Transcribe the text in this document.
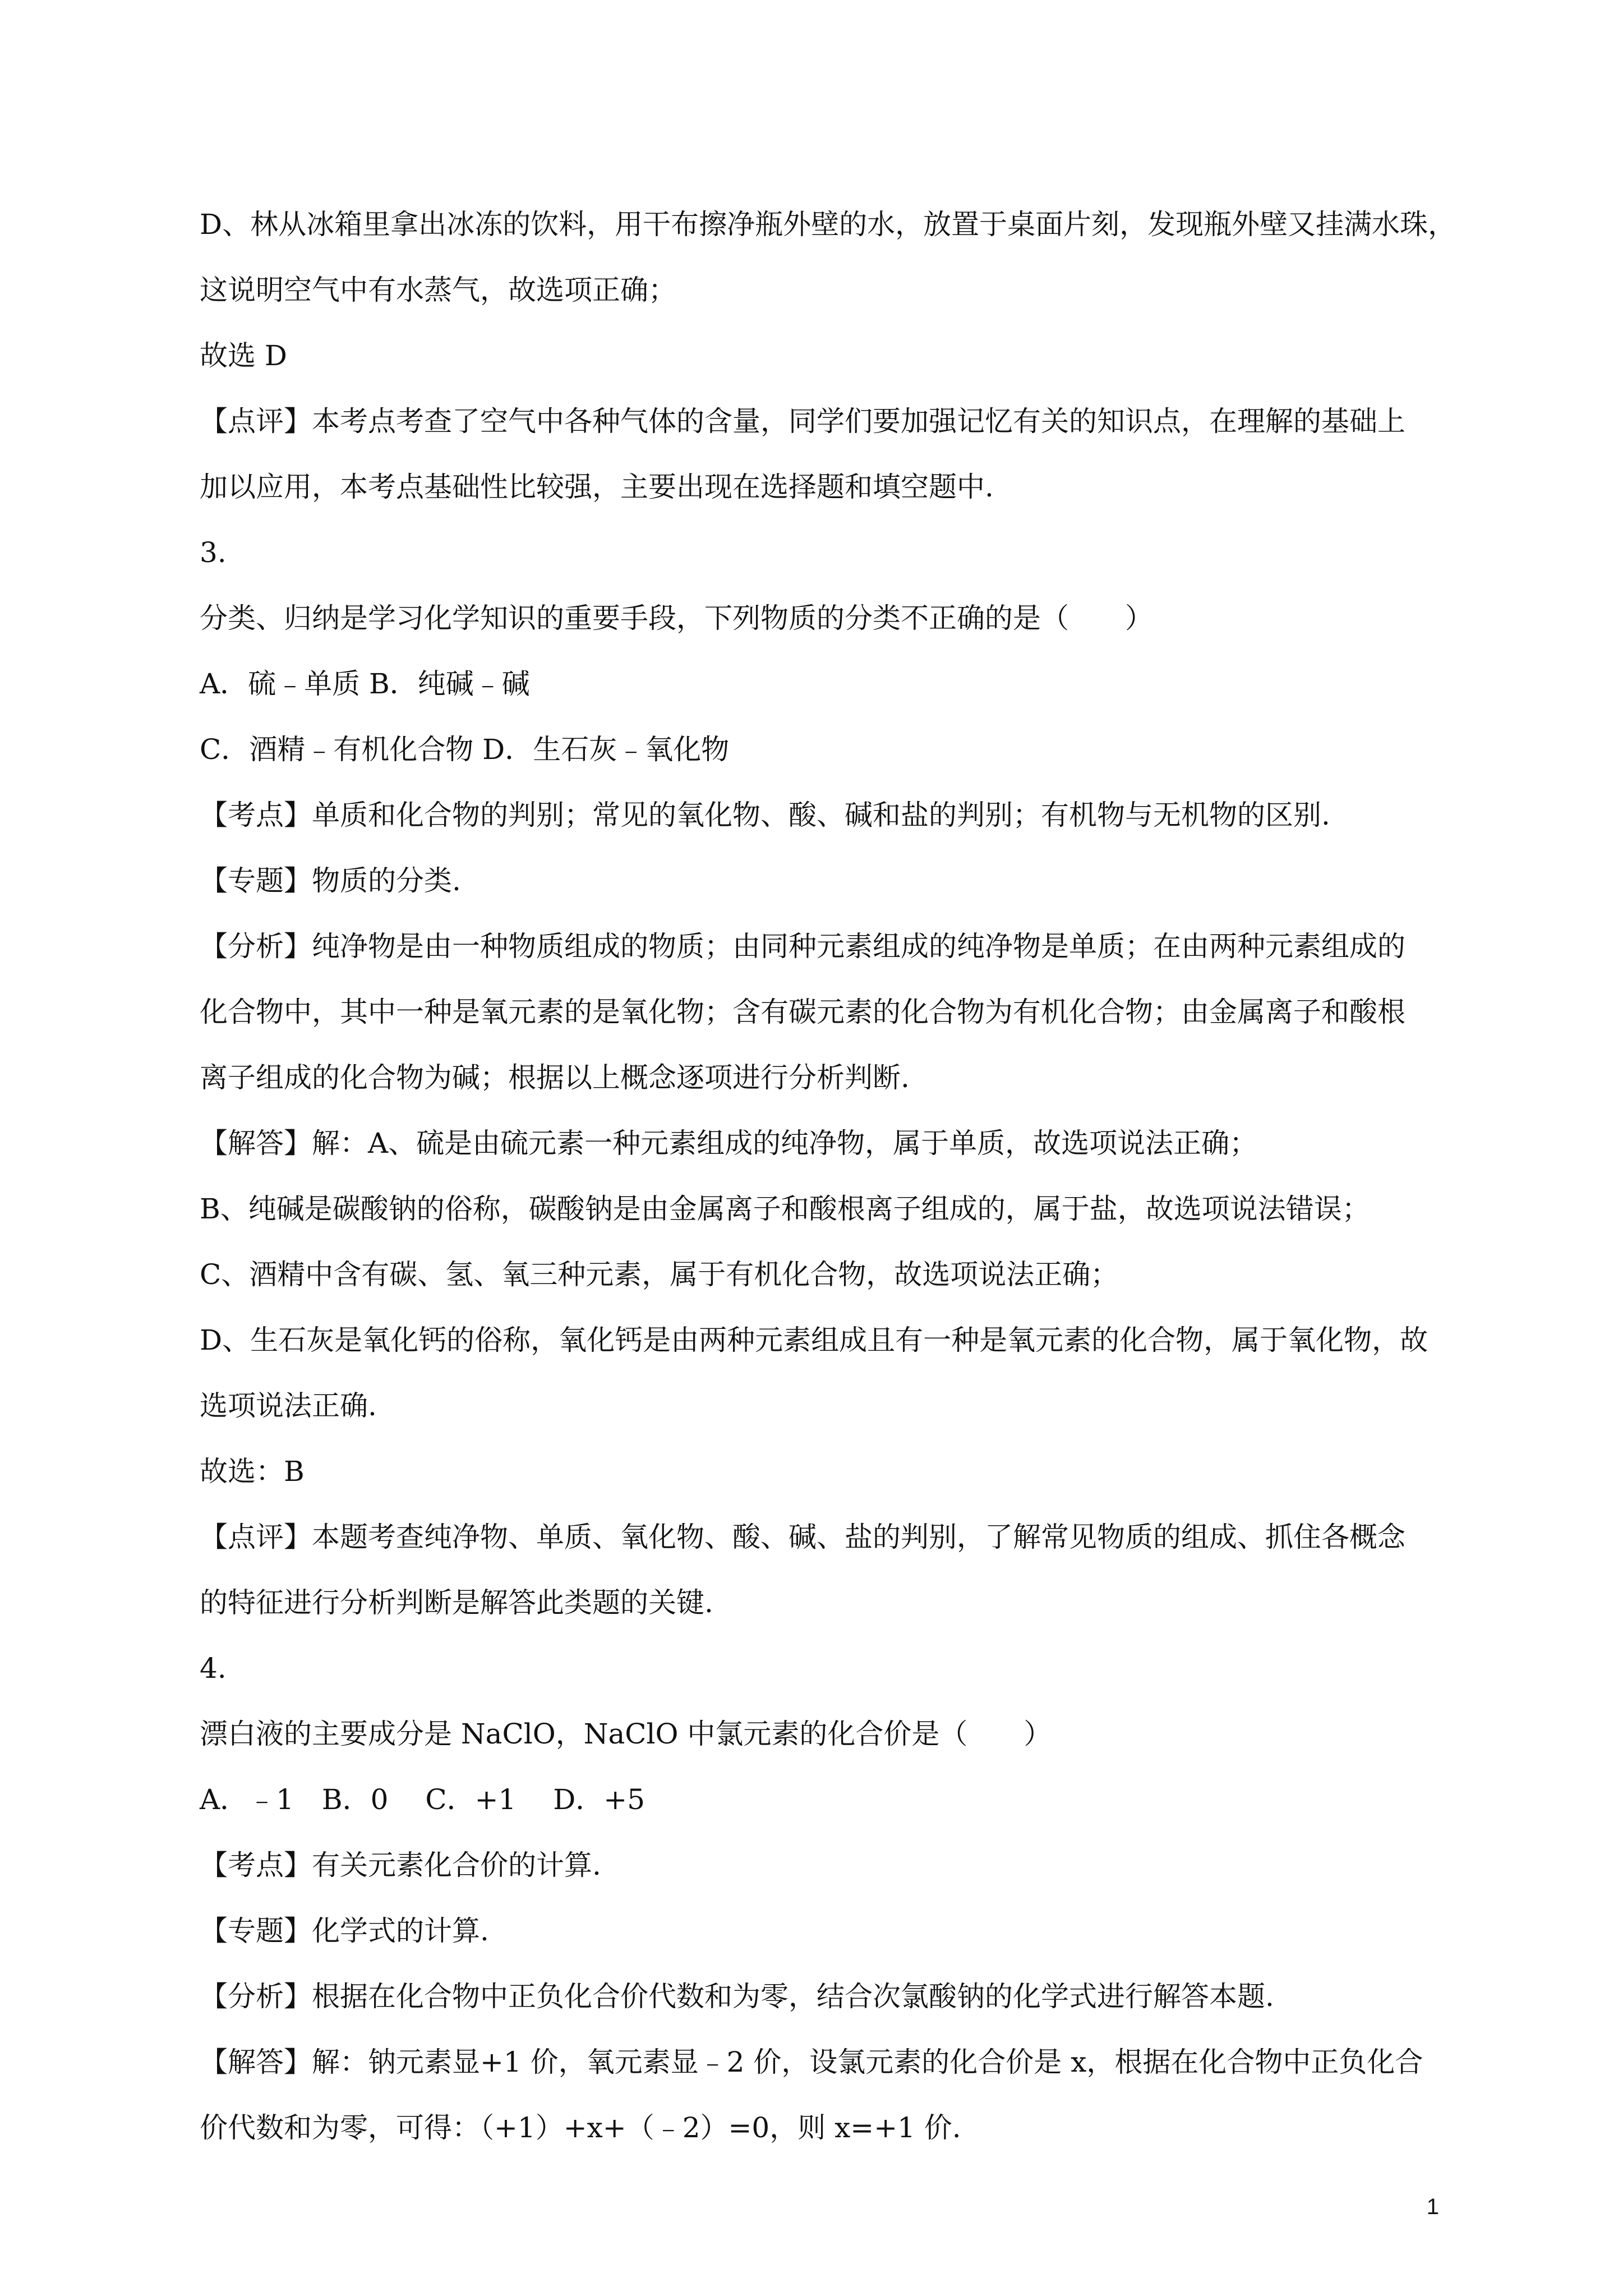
D、林从冰箱里拿出冰冻的饮料，用干布擦净瓶外壁的水，放置于桌面片刻，发现瓶外壁又挂满水珠，
这说明空气中有水蒸气，故选项正确；
故选 D
【点评】本考点考查了空气中各种气体的含量，同学们要加强记忆有关的知识点，在理解的基础上
加以应用，本考点基础性比较强，主要出现在选择题和填空题中.
3.
分类、归纳是学习化学知识的重要手段，下列物质的分类不正确的是（　　）
A．硫﹣单质 B．纯碱﹣碱
C．酒精﹣有机化合物 D．生石灰﹣氧化物
【考点】单质和化合物的判别；常见的氧化物、酸、碱和盐的判别；有机物与无机物的区别.
【专题】物质的分类.
【分析】纯净物是由一种物质组成的物质；由同种元素组成的纯净物是单质；在由两种元素组成的
化合物中，其中一种是氧元素的是氧化物；含有碳元素的化合物为有机化合物；由金属离子和酸根
离子组成的化合物为碱；根据以上概念逐项进行分析判断.
【解答】解：A、硫是由硫元素一种元素组成的纯净物，属于单质，故选项说法正确；
B、纯碱是碳酸钠的俗称，碳酸钠是由金属离子和酸根离子组成的，属于盐，故选项说法错误；
C、酒精中含有碳、氢、氧三种元素，属于有机化合物，故选项说法正确；
D、生石灰是氧化钙的俗称，氧化钙是由两种元素组成且有一种是氧元素的化合物，属于氧化物，故
选项说法正确.
故选：B
【点评】本题考查纯净物、单质、氧化物、酸、碱、盐的判别，了解常见物质的组成、抓住各概念
的特征进行分析判断是解答此类题的关键.
4.
漂白液的主要成分是 NaClO，NaClO 中氯元素的化合价是（　　）
A．﹣1　B．0　 C．+1　 D．+5
【考点】有关元素化合价的计算.
【专题】化学式的计算.
【分析】根据在化合物中正负化合价代数和为零，结合次氯酸钠的化学式进行解答本题.
【解答】解：钠元素显+1 价，氧元素显﹣2 价，设氯元素的化合价是 x，根据在化合物中正负化合
价代数和为零，可得：（+1）+x+（﹣2）=0，则 x=+1 价.
1
